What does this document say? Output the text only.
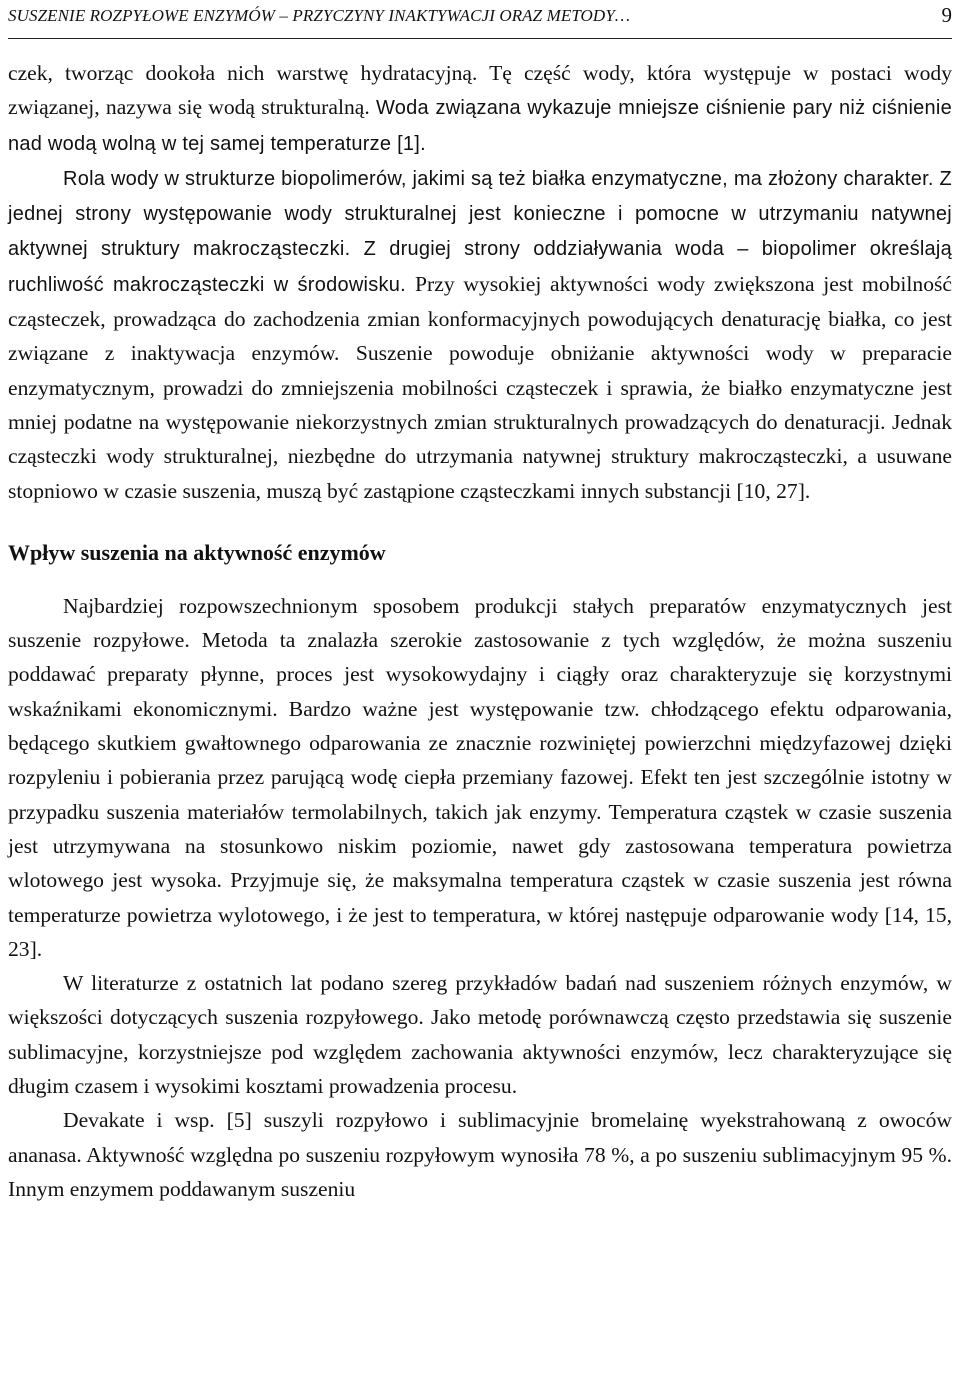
SUSZENIE ROZPYŁOWE ENZYMÓW – PRZYCZYNY INAKTYWACJI ORAZ METODY…	9

czek, tworząc dookoła nich warstwę hydratacyjną. Tę część wody, która występuje w postaci wody związanej, nazywa się wodą strukturalną. Woda związana wykazuje mniejsze ciśnienie pary niż ciśnienie nad wodą wolną w tej samej temperaturze [1].

Rola wody w strukturze biopolimerów, jakimi są też białka enzymatyczne, ma złożony charakter. Z jednej strony występowanie wody strukturalnej jest konieczne i pomocne w utrzymaniu natywnej aktywnej struktury makrocząsteczki. Z drugiej strony oddziaływania woda – biopolimer określają ruchliwość makrocząsteczki w środowisku. Przy wysokiej aktywności wody zwiększona jest mobilność cząsteczek, prowadząca do zachodzenia zmian konformacyjnych powodujących denaturację białka, co jest związane z inaktywacja enzymów. Suszenie powoduje obniżanie aktywności wody w preparacie enzymatycznym, prowadzi do zmniejszenia mobilności cząsteczek i sprawia, że białko enzymatyczne jest mniej podatne na występowanie niekorzystnych zmian strukturalnych prowadzących do denaturacji. Jednak cząsteczki wody strukturalnej, niezbędne do utrzymania natywnej struktury makrocząsteczki, a usuwane stopniowo w czasie suszenia, muszą być zastąpione cząsteczkami innych substancji [10, 27].

Wpływ suszenia na aktywność enzymów

Najbardziej rozpowszechnionym sposobem produkcji stałych preparatów enzymatycznych jest suszenie rozpyłowe. Metoda ta znalazła szerokie zastosowanie z tych względów, że można suszeniu poddawać preparaty płynne, proces jest wysokowydajny i ciągły oraz charakteryzuje się korzystnymi wskaźnikami ekonomicznymi. Bardzo ważne jest występowanie tzw. chłodzącego efektu odparowania, będącego skutkiem gwałtownego odparowania ze znacznie rozwiniętej powierzchni międzyfazowej dzięki rozpyleniu i pobierania przez parującą wodę ciepła przemiany fazowej. Efekt ten jest szczególnie istotny w przypadku suszenia materiałów termolabilnych, takich jak enzymy. Temperatura cząstek w czasie suszenia jest utrzymywana na stosunkowo niskim poziomie, nawet gdy zastosowana temperatura powietrza wlotowego jest wysoka. Przyjmuje się, że maksymalna temperatura cząstek w czasie suszenia jest równa temperaturze powietrza wylotowego, i że jest to temperatura, w której następuje odparowanie wody [14, 15, 23].

W literaturze z ostatnich lat podano szereg przykładów badań nad suszeniem różnych enzymów, w większości dotyczących suszenia rozpyłowego. Jako metodę porównawczą często przedstawia się suszenie sublimacyjne, korzystniejsze pod względem zachowania aktywności enzymów, lecz charakteryzujące się długim czasem i wysokimi kosztami prowadzenia procesu.

Devakate i wsp. [5] suszyli rozpyłowo i sublimacyjnie bromelainę wyekstrahowaną z owoców ananasa. Aktywność względna po suszeniu rozpyłowym wynosiła 78 %, a po suszeniu sublimacyjnym 95 %. Innym enzymem poddawanym suszeniu
